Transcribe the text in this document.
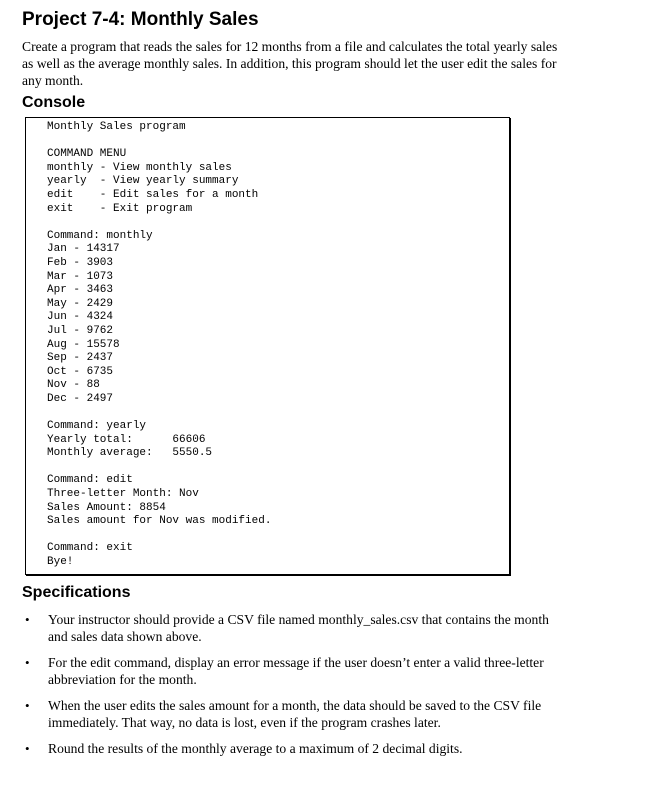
Project 7-4: Monthly Sales

Create a program that reads the sales for 12 months from a file and calculates the total yearly sales as well as the average monthly sales. In addition, this program should let the user edit the sales for any month.

Console
Monthly Sales program
COMMAND MENU
monthly - View monthly sales
yearly  - View yearly summary
edit    - Edit sales for a month
exit    - Exit program
Command: monthly
Jan - 14317
Feb - 3903
Mar - 1073
Apr - 3463
May - 2429
Jun - 4324
Jul - 9762
Aug - 15578
Sep - 2437
Oct - 6735
Nov - 88
Dec - 2497
Command: yearly
Yearly total:      66606
Monthly average:   5550.5
Command: edit
Three-letter Month: Nov
Sales Amount: 8854
Sales amount for Nov was modified.
Command: exit
Bye!
Specifications
• Your instructor should provide a CSV file named monthly_sales.csv that contains the month and sales data shown above.
• For the edit command, display an error message if the user doesn’t enter a valid three-letter abbreviation for the month.
• When the user edits the sales amount for a month, the data should be saved to the CSV file immediately. That way, no data is lost, even if the program crashes later.
• Round the results of the monthly average to a maximum of 2 decimal digits.
